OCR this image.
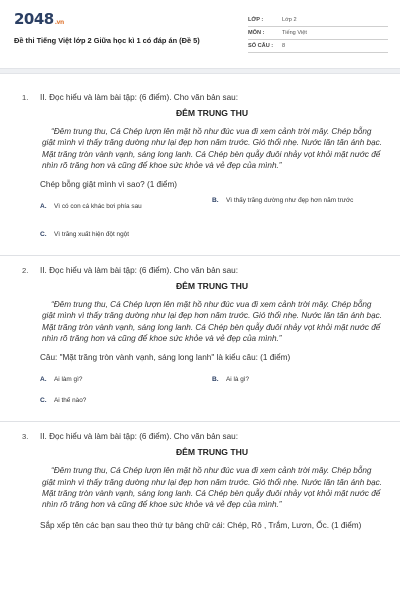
2048.vn
Đề thi Tiếng Việt lớp 2 Giữa học kì 1 có đáp án (Đề 5)
LỚP :	Lớp 2
MÔN :	Tiếng Việt
SỐ CÂU :	8
1. II. Đọc hiểu và làm bài tập: (6 điểm). Cho văn bản sau:
ĐÊM TRUNG THU
“Đêm trung thu, Cá Chép lượn lên mặt hồ như đúc vua đi xem cảnh trời mây. Chép bỗng giật mình vì thấy trăng dường như lại đẹp hơn năm trước. Gió thổi nhẹ. Nước lăn tăn ánh bạc. Mặt trăng tròn vành vạnh, sáng long lanh. Cá Chép bèn quẫy đuôi nhảy vọt khỏi mặt nước để nhìn rõ trăng hơn và cũng để khoe sức khỏe và vẻ đẹp của mình.”
Chép bỗng giật mình vì sao? (1 điểm)
A.	Vì có con cá khác bơi phía sau
B.	Vì thấy trăng dường như đẹp hơn năm trước
C.	Vì trăng xuất hiện đột ngột
2. II. Đọc hiểu và làm bài tập: (6 điểm). Cho văn bản sau:
ĐÊM TRUNG THU
“Đêm trung thu, Cá Chép lượn lên mặt hồ như đúc vua đi xem cảnh trời mây. Chép bỗng giật mình vì thấy trăng dường như lại đẹp hơn năm trước. Gió thổi nhẹ. Nước lăn tăn ánh bạc. Mặt trăng tròn vành vạnh, sáng long lanh. Cá Chép bèn quẫy đuôi nhảy vọt khỏi mặt nước để nhìn rõ trăng hơn và cũng để khoe sức khỏe và vẻ đẹp của mình.”
Câu: "Mặt trăng tròn vành vạnh, sáng long lanh" là kiểu câu: (1 điểm)
A.	Ai làm gì?	B.	Ai là gì?
C.	Ai thế nào?
3. II. Đọc hiểu và làm bài tập: (6 điểm). Cho văn bản sau:
ĐÊM TRUNG THU
“Đêm trung thu, Cá Chép lượn lên mặt hồ như đúc vua đi xem cảnh trời mây. Chép bỗng giật mình vì thấy trăng dường như lại đẹp hơn năm trước. Gió thổi nhẹ. Nước lăn tăn ánh bạc. Mặt trăng tròn vành vạnh, sáng long lanh. Cá Chép bèn quẫy đuôi nhảy vọt khỏi mặt nước để nhìn rõ trăng hơn và cũng để khoe sức khỏe và vẻ đẹp của mình.”
Sắp xếp tên các bạn sau theo thứ tự bảng chữ cái: Chép, Rô , Trắm, Lươn, Ốc. (1 điểm)
